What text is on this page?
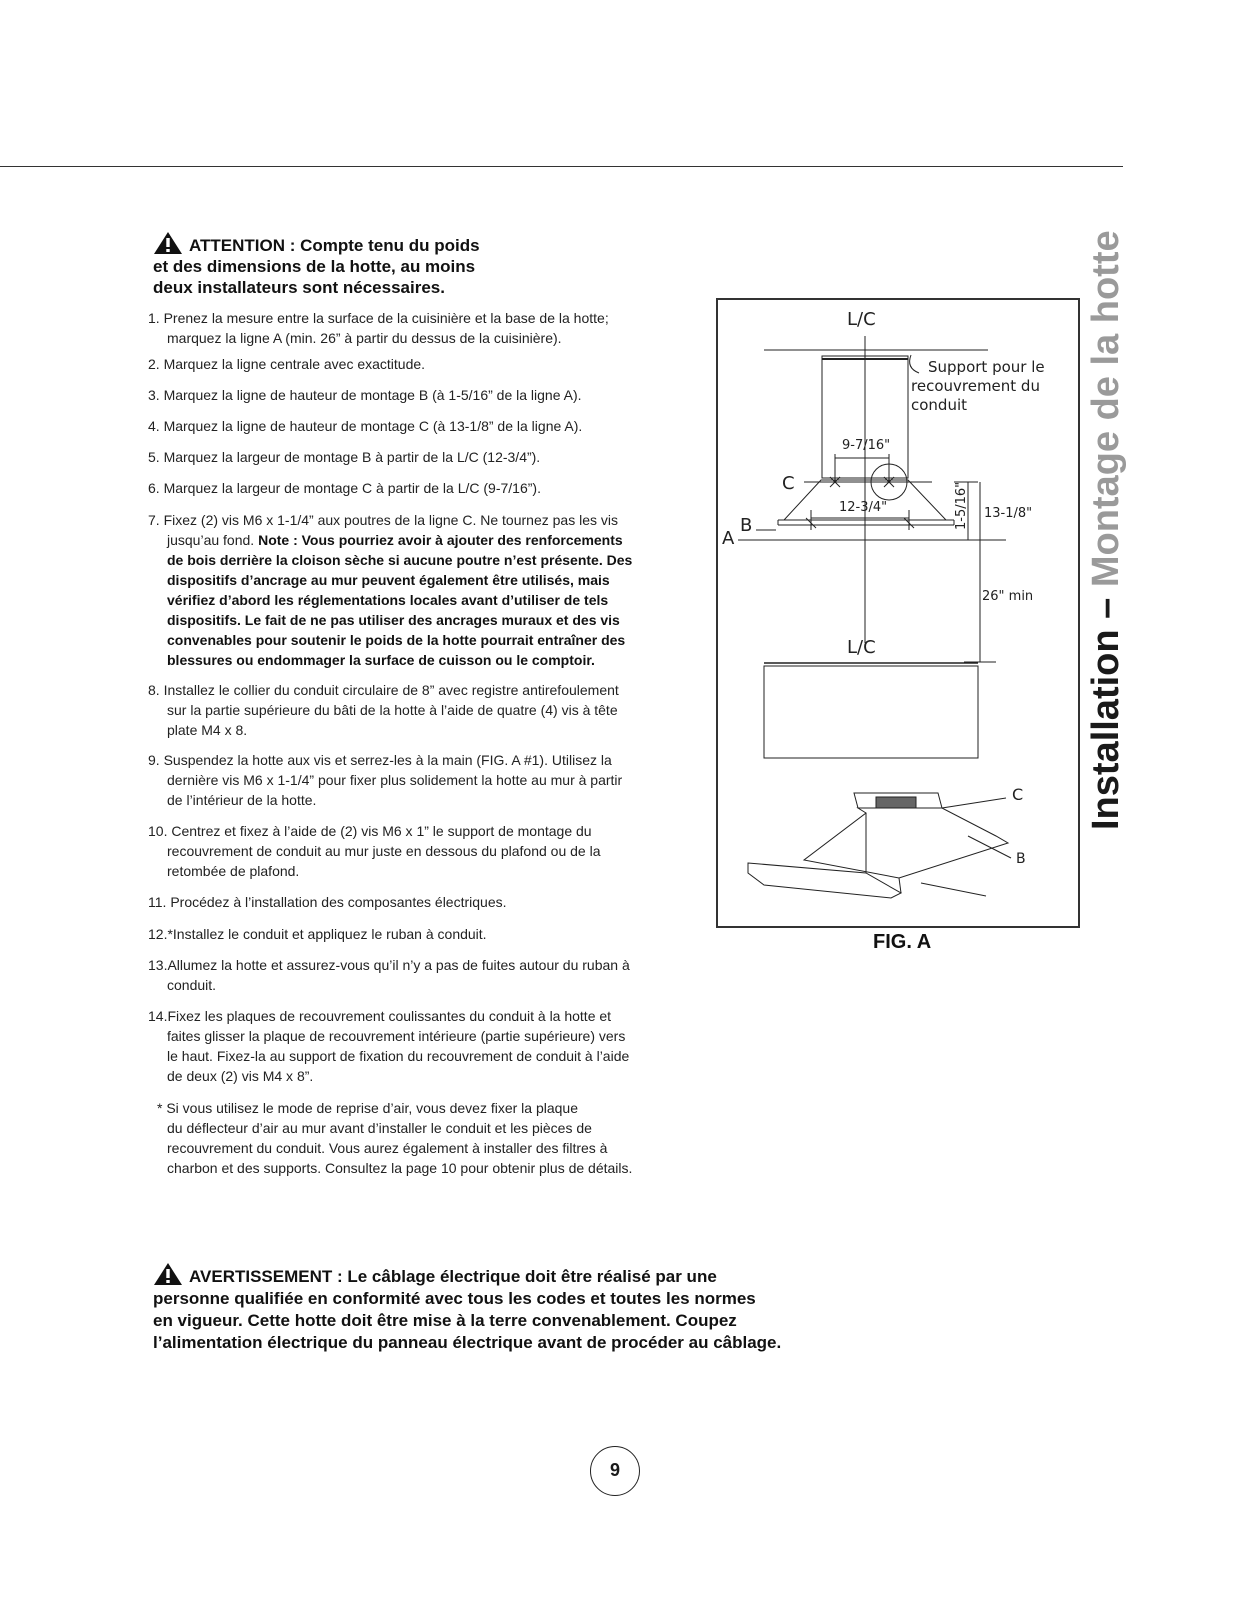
Installation – Montage de la hotte
ATTENTION : Compte tenu du poids
et des dimensions de la hotte, au moins
deux installateurs sont nécessaires.
1. Prenez la mesure entre la surface de la cuisinière et la base de la hotte;
marquez la ligne A (min. 26” à partir du dessus de la cuisinière).
2. Marquez la ligne centrale avec exactitude.
3. Marquez la ligne de hauteur de montage B (à 1-5/16” de la ligne A).
4. Marquez la ligne de hauteur de montage C (à 13-1/8” de la ligne A).
5. Marquez la largeur de montage B à partir de la L/C (12-3/4”).
6. Marquez la largeur de montage C à partir de la L/C (9-7/16”).
7. Fixez (2) vis M6 x 1-1/4” aux poutres de la ligne C. Ne tournez pas les vis
jusqu’au fond. Note : Vous pourriez avoir à ajouter des renforcements
de bois derrière la cloison sèche si aucune poutre n’est présente. Des
dispositifs d’ancrage au mur peuvent également être utilisés, mais
vérifiez d’abord les réglementations locales avant d’utiliser de tels
dispositifs. Le fait de ne pas utiliser des ancrages muraux et des vis
convenables pour soutenir le poids de la hotte pourrait entraîner des
blessures ou endommager la surface de cuisson ou le comptoir.
8. Installez le collier du conduit circulaire de 8” avec registre antirefoulement
sur la partie supérieure du bâti de la hotte à l’aide de quatre (4) vis à tête
plate M4 x 8.
9. Suspendez la hotte aux vis et serrez-les à la main (FIG. A #1). Utilisez la
dernière vis M6 x 1-1/4” pour fixer plus solidement la hotte au mur à partir
de l’intérieur de la hotte.
10. Centrez et fixez à l’aide de (2) vis M6 x 1” le support de montage du
recouvrement de conduit au mur juste en dessous du plafond ou de la
retombée de plafond.
11. Procédez à l’installation des composantes électriques.
12.*Installez le conduit et appliquez le ruban à conduit.
13.Allumez la hotte et assurez-vous qu’il n’y a pas de fuites autour du ruban à
conduit.
14.Fixez les plaques de recouvrement coulissantes du conduit à la hotte et
faites glisser la plaque de recouvrement intérieure (partie supérieure) vers
le haut. Fixez-la au support de fixation du recouvrement de conduit à l’aide
de deux (2) vis M4 x 8”.
* Si vous utilisez le mode de reprise d’air, vous devez fixer la plaque
du déflecteur d’air au mur avant d’installer le conduit et les pièces de
recouvrement du conduit. Vous aurez également à installer des filtres à
charbon et des supports. Consultez la page 10 pour obtenir plus de détails.
L/C
L/C
Support pour le
recouvrement du
conduit
9-7/16"
12-3/4"	1-5/16" 13-1/8"
26" min
A
B
C
C
B
FIG. A
AVERTISSEMENT : Le câblage électrique doit être réalisé par une
personne qualifiée en conformité avec tous les codes et toutes les normes
en vigueur. Cette hotte doit être mise à la terre convenablement. Coupez
l’alimentation électrique du panneau électrique avant de procéder au câblage.
9
